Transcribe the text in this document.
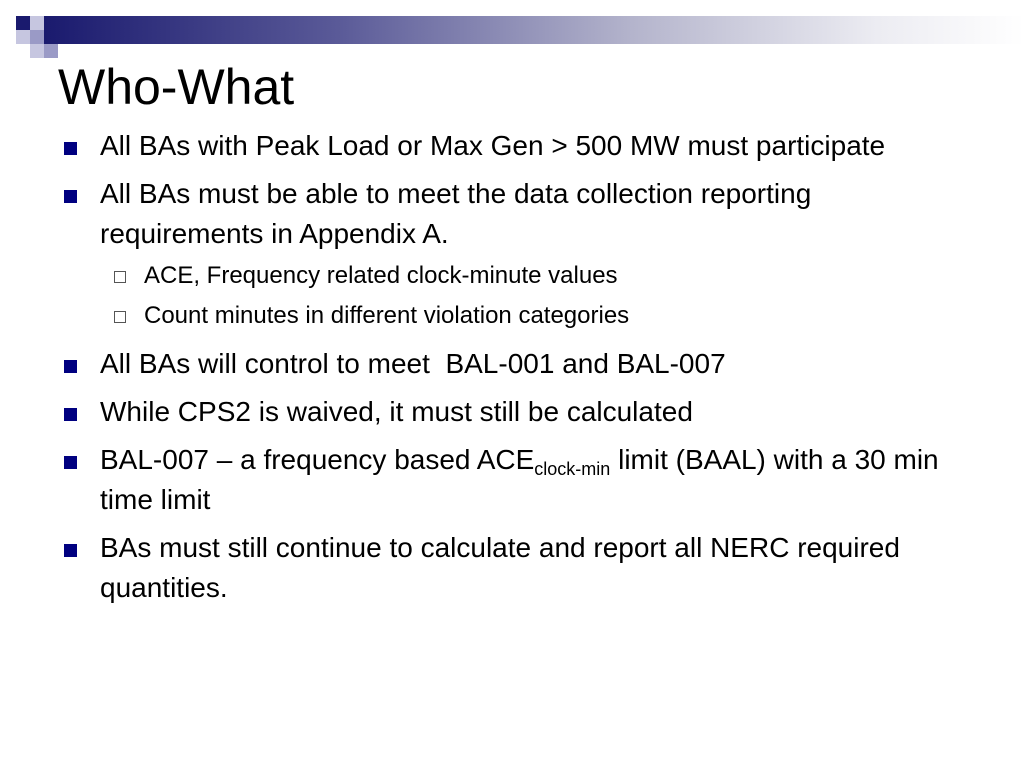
Who-What
All BAs with Peak Load or Max Gen > 500 MW must participate
All BAs must be able to meet the data collection reporting requirements in Appendix A.
ACE, Frequency related clock-minute values
Count minutes in different violation categories
All BAs will control to meet  BAL-001 and BAL-007
While CPS2 is waived, it must still be calculated
BAL-007 – a frequency based $ACE_{clock-min}$ limit (BAAL) with a 30 min time limit
BAs must still continue to calculate and report all NERC required quantities.
